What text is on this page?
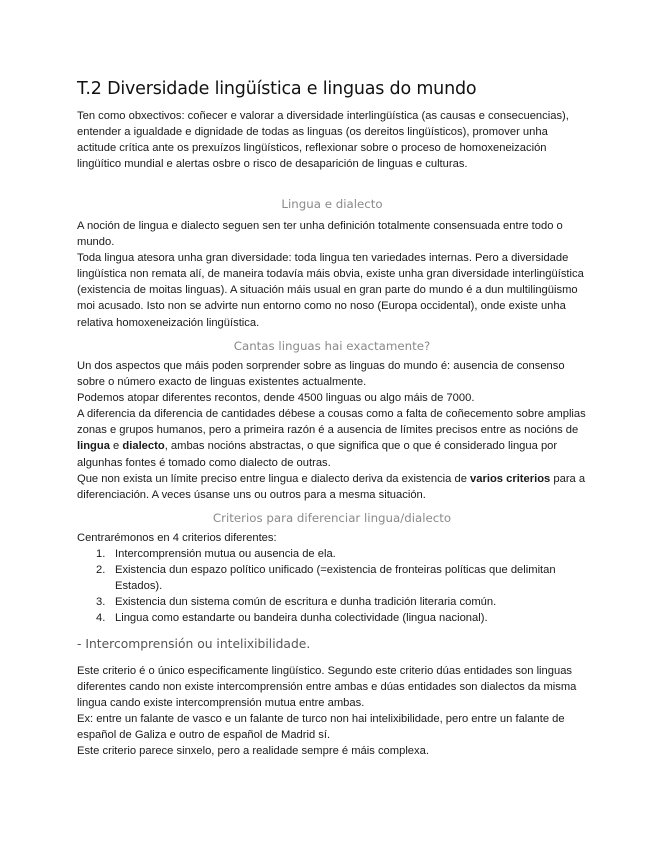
T.2 Diversidade lingüística e linguas do mundo

Ten como obxectivos: coñecer e valorar a diversidade interlingüística (as causas e consecuencias), entender a igualdade e dignidade de todas as linguas (os dereitos lingüísticos), promover unha actitude crítica ante os prexuízos lingüísticos, reflexionar sobre o proceso de homoxeneización lingüítico mundial e alertas osbre o risco de desaparición de linguas e culturas.

Lingua e dialecto

A noción de lingua e dialecto seguen sen ter unha definición totalmente consensuada entre todo o mundo.

Toda lingua atesora unha gran diversidade: toda lingua ten variedades internas. Pero a diversidade lingüística non remata alí, de maneira todavía máis obvia, existe unha gran diversidade interlingüística (existencia de moitas linguas). A situación máis usual en gran parte do mundo é a dun multilingüismo moi acusado. Isto non se advirte nun entorno como no noso (Europa occidental), onde existe unha relativa homoxeneización lingüística.

Cantas linguas hai exactamente?

Un dos aspectos que máis poden sorprender sobre as linguas do mundo é: ausencia de consenso sobre o número exacto de linguas existentes actualmente.

Podemos atopar diferentes recontos, dende 4500 linguas ou algo máis de 7000.

A diferencia da diferencia de cantidades débese a cousas como a falta de coñecemento sobre amplias zonas e grupos humanos, pero a primeira razón é a ausencia de límites precisos entre as nocións de lingua e dialecto, ambas nocións abstractas, o que significa que o que é considerado lingua por algunhas fontes é tomado como dialecto de outras.

Que non exista un límite preciso entre lingua e dialecto deriva da existencia de varios criterios para a diferenciación. A veces úsanse uns ou outros para a mesma situación.

Criterios para diferenciar lingua/dialecto

Centrarémonos en 4 criterios diferentes:

1. Intercomprensión mutua ou ausencia de ela.
2. Existencia dun espazo político unificado (=existencia de fronteiras políticas que delimitan Estados).
3. Existencia dun sistema común de escritura e dunha tradición literaria común.
4. Lingua como estandarte ou bandeira dunha colectividade (lingua nacional).
- Intercomprensión ou intelixibilidade.

Este criterio é o único especificamente lingüístico. Segundo este criterio dúas entidades son linguas diferentes cando non existe intercomprensión entre ambas e dúas entidades son dialectos da misma lingua cando existe intercomprensión mutua entre ambas.

Ex: entre un falante de vasco e un falante de turco non hai intelixibilidade, pero entre un falante de español de Galiza e outro de español de Madrid sí.

Este criterio parece sinxelo, pero a realidade sempre é máis complexa.
